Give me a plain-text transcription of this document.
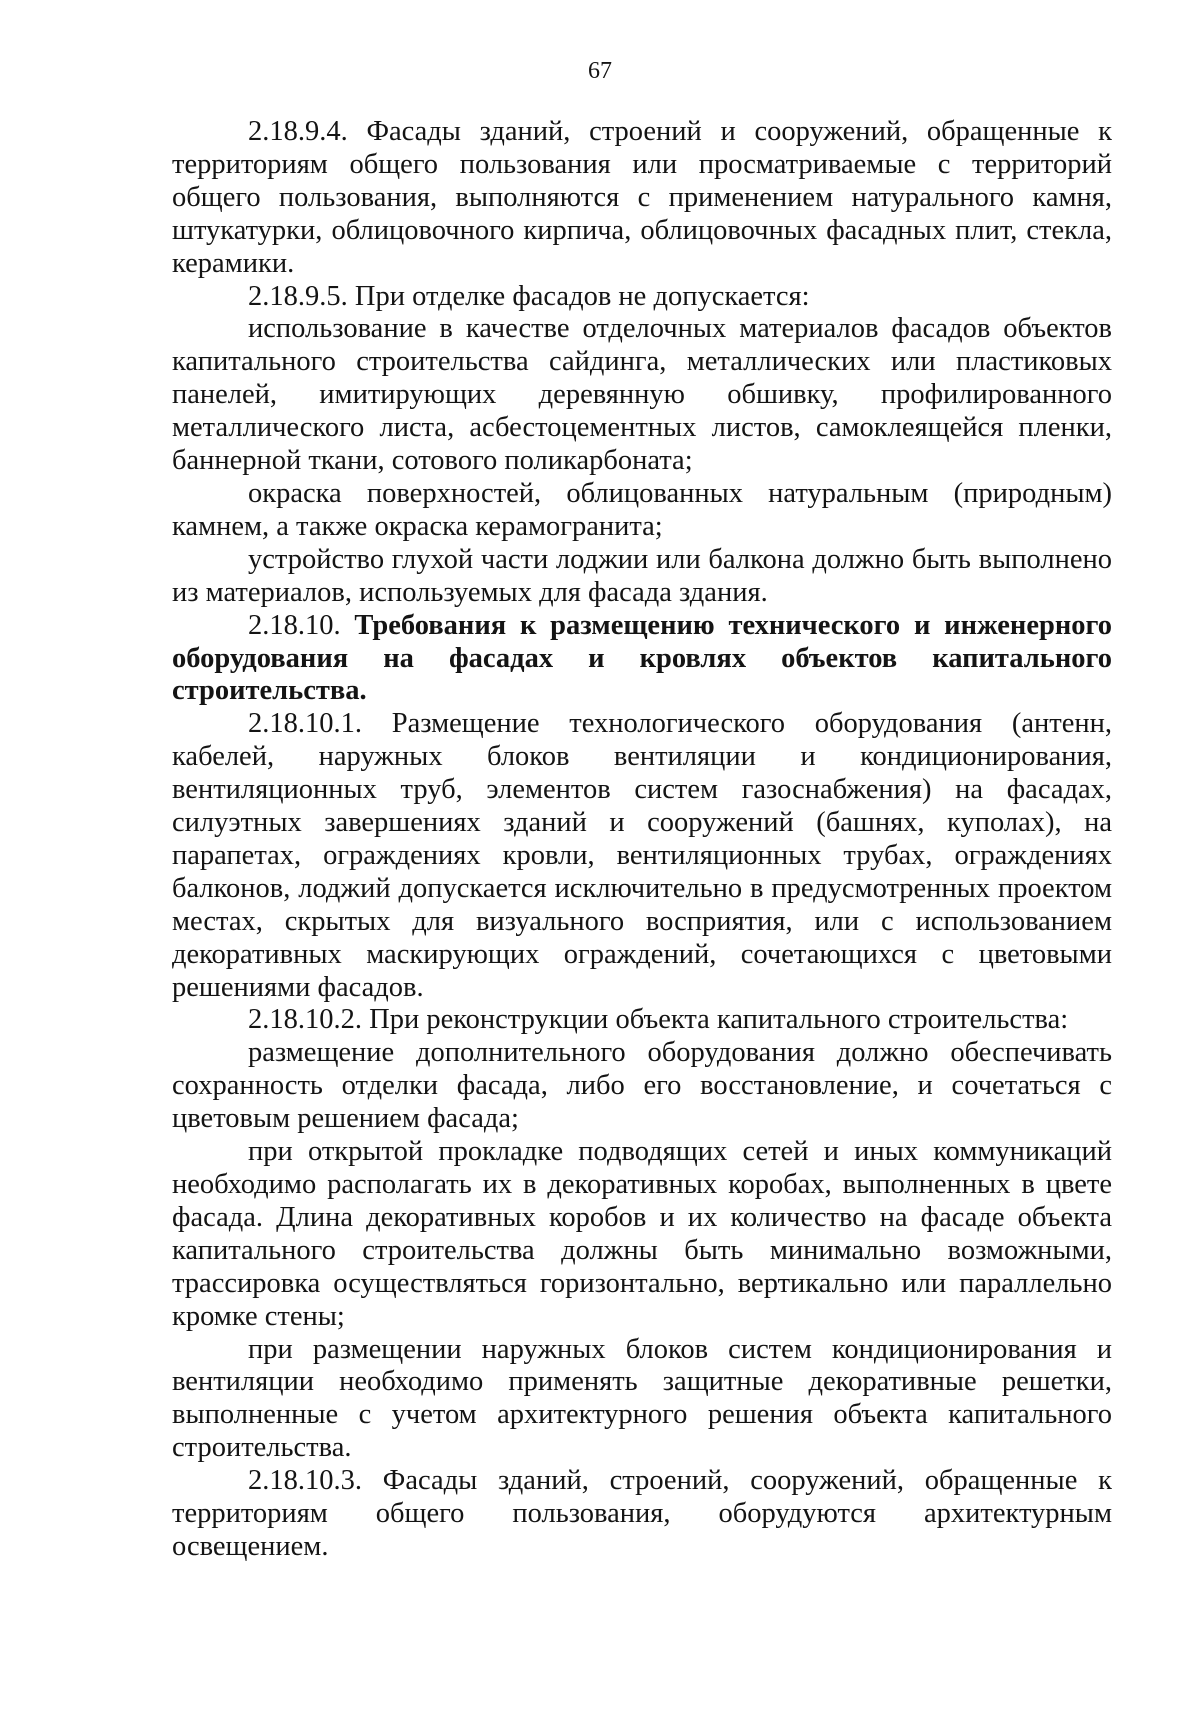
67

2.18.9.4. Фасады зданий, строений и сооружений, обращенные к территориям общего пользования или просматриваемые с территорий общего пользования, выполняются с применением натурального камня, штукатурки, облицовочного кирпича, облицовочных фасадных плит, стекла, керамики.

2.18.9.5. При отделке фасадов не допускается:

использование в качестве отделочных материалов фасадов объектов капитального строительства сайдинга, металлических или пластиковых панелей, имитирующих деревянную обшивку, профилированного металлического листа, асбестоцементных листов, самоклеящейся пленки, баннерной ткани, сотового поликарбоната;

окраска поверхностей, облицованных натуральным (природным) камнем, а также окраска керамогранита;

устройство глухой части лоджии или балкона должно быть выполнено из материалов, используемых для фасада здания.

2.18.10. Требования к размещению технического и инженерного оборудования на фасадах и кровлях объектов капитального строительства.

2.18.10.1. Размещение технологического оборудования (антенн, кабелей, наружных блоков вентиляции и кондиционирования, вентиляционных труб, элементов систем газоснабжения) на фасадах, силуэтных завершениях зданий и сооружений (башнях, куполах), на парапетах, ограждениях кровли, вентиляционных трубах, ограждениях балконов, лоджий допускается исключительно в предусмотренных проектом местах, скрытых для визуального восприятия, или с использованием декоративных маскирующих ограждений, сочетающихся с цветовыми решениями фасадов.

2.18.10.2. При реконструкции объекта капитального строительства:

размещение дополнительного оборудования должно обеспечивать сохранность отделки фасада, либо его восстановление, и сочетаться с цветовым решением фасада;

при открытой прокладке подводящих сетей и иных коммуникаций необходимо располагать их в декоративных коробах, выполненных в цвете фасада. Длина декоративных коробов и их количество на фасаде объекта капитального строительства должны быть минимально возможными, трассировка осуществляться горизонтально, вертикально или параллельно кромке стены;

при размещении наружных блоков систем кондиционирования и вентиляции необходимо применять защитные декоративные решетки, выполненные с учетом архитектурного решения объекта капитального строительства.

2.18.10.3. Фасады зданий, строений, сооружений, обращенные к территориям общего пользования, оборудуются архитектурным освещением.
